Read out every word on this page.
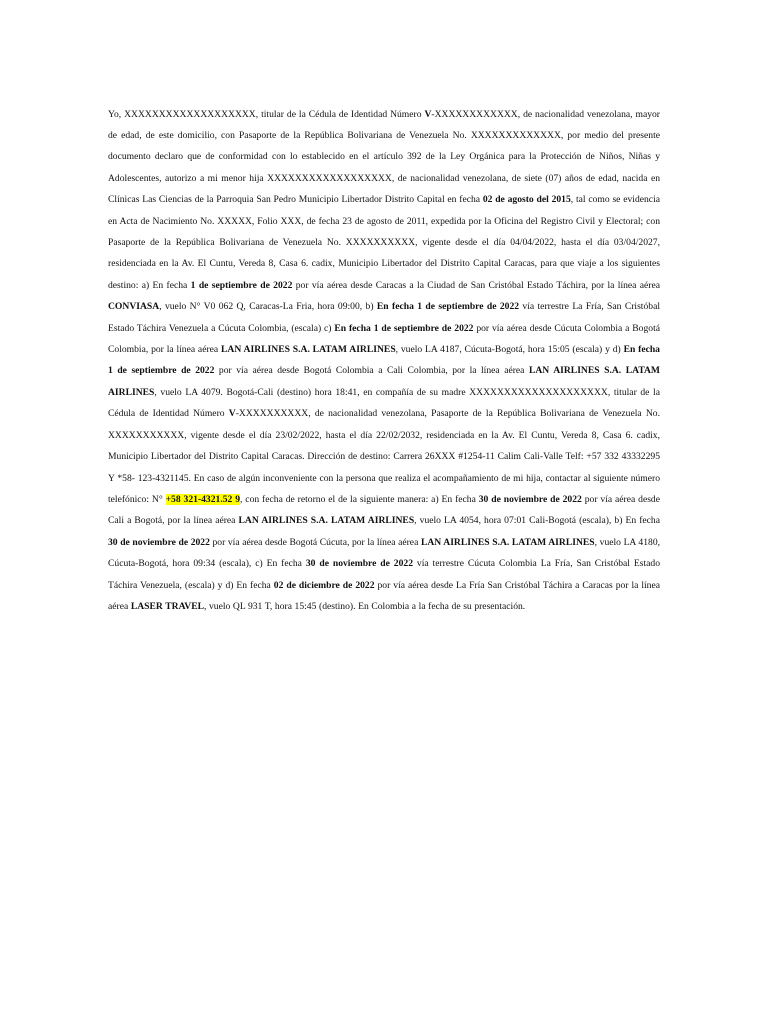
Yo, XXXXXXXXXXXXXXXXXXX, titular de la Cédula de Identidad Número V-XXXXXXXXXXXX, de nacionalidad venezolana, mayor de edad, de este domicilio, con Pasaporte de la República Bolivariana de Venezuela No. XXXXXXXXXXXXX, por medio del presente documento declaro que de conformidad con lo establecido en el artículo 392 de la Ley Orgánica para la Protección de Niños, Niñas y Adolescentes, autorizo a mi menor hija XXXXXXXXXXXXXXXXXX, de nacionalidad venezolana, de siete (07) años de edad, nacida en Clínicas Las Ciencias de la Parroquia San Pedro Municipio Libertador Distrito Capital en fecha 02 de agosto del 2015, tal como se evidencia en Acta de Nacimiento No. XXXXX, Folio XXX, de fecha 23 de agosto de 2011, expedida por la Oficina del Registro Civil y Electoral; con Pasaporte de la República Bolivariana de Venezuela No. XXXXXXXXXX, vigente desde el día 04/04/2022, hasta el día 03/04/2027, residenciada en la Av. El Cuntu, Vereda 8, Casa 6. cadix, Municipio Libertador del Distrito Capital Caracas, para que viaje a los siguientes destino: a) En fecha 1 de septiembre de 2022 por vía aérea desde Caracas a la Ciudad de San Cristóbal Estado Táchira, por la línea aérea CONVIASA, vuelo N° V0 062 Q, Caracas-La Fria, hora 09:00, b) En fecha 1 de septiembre de 2022 vía terrestre La Fría, San Cristóbal Estado Táchira Venezuela a Cúcuta Colombia, (escala) c) En fecha 1 de septiembre de 2022 por vía aérea desde Cúcuta Colombia a Bogotá Colombia, por la línea aérea LAN AIRLINES S.A. LATAM AIRLINES, vuelo LA 4187, Cúcuta-Bogotá, hora 15:05 (escala) y d) En fecha 1 de septiembre de 2022 por vía aérea desde Bogotá Colombia a Cali Colombia, por la línea aérea LAN AIRLINES S.A. LATAM AIRLINES, vuelo LA 4079. Bogotá-Cali (destino) hora 18:41, en compañía de su madre XXXXXXXXXXXXXXXXXXXX, titular de la Cédula de Identidad Número V-XXXXXXXXXX, de nacionalidad venezolana, Pasaporte de la República Bolivariana de Venezuela No. XXXXXXXXXXX, vigente desde el día 23/02/2022, hasta el día 22/02/2032, residenciada en la Av. El Cuntu, Vereda 8, Casa 6. cadix, Municipio Libertador del Distrito Capital Caracas. Dirección de destino: Carrera 26XXX #1254-11 Calim Cali-Valle Telf: +57 332 43332295 Y *58- 123-4321145. En caso de algún inconveniente con la persona que realiza el acompañamiento de mi hija, contactar al siguiente número telefónico: N° +58 321-4321.52 9, con fecha de retorno el de la siguiente manera: a) En fecha 30 de noviembre de 2022 por vía aérea desde Cali a Bogotá, por la línea aérea LAN AIRLINES S.A. LATAM AIRLINES, vuelo LA 4054, hora 07:01 Cali-Bogotá (escala), b) En fecha 30 de noviembre de 2022 por vía aérea desde Bogotá Cúcuta, por la línea aérea LAN AIRLINES S.A. LATAM AIRLINES, vuelo LA 4180, Cúcuta-Bogotá, hora 09:34 (escala), c) En fecha 30 de noviembre de 2022 vía terrestre Cúcuta Colombia La Fría, San Cristóbal Estado Táchira Venezuela, (escala) y d) En fecha 02 de diciembre de 2022 por vía aérea desde La Fría San Cristóbal Táchira a Caracas por la línea aérea LASER TRAVEL, vuelo QL 931 T, hora 15:45 (destino). En Colombia a la fecha de su presentación.
